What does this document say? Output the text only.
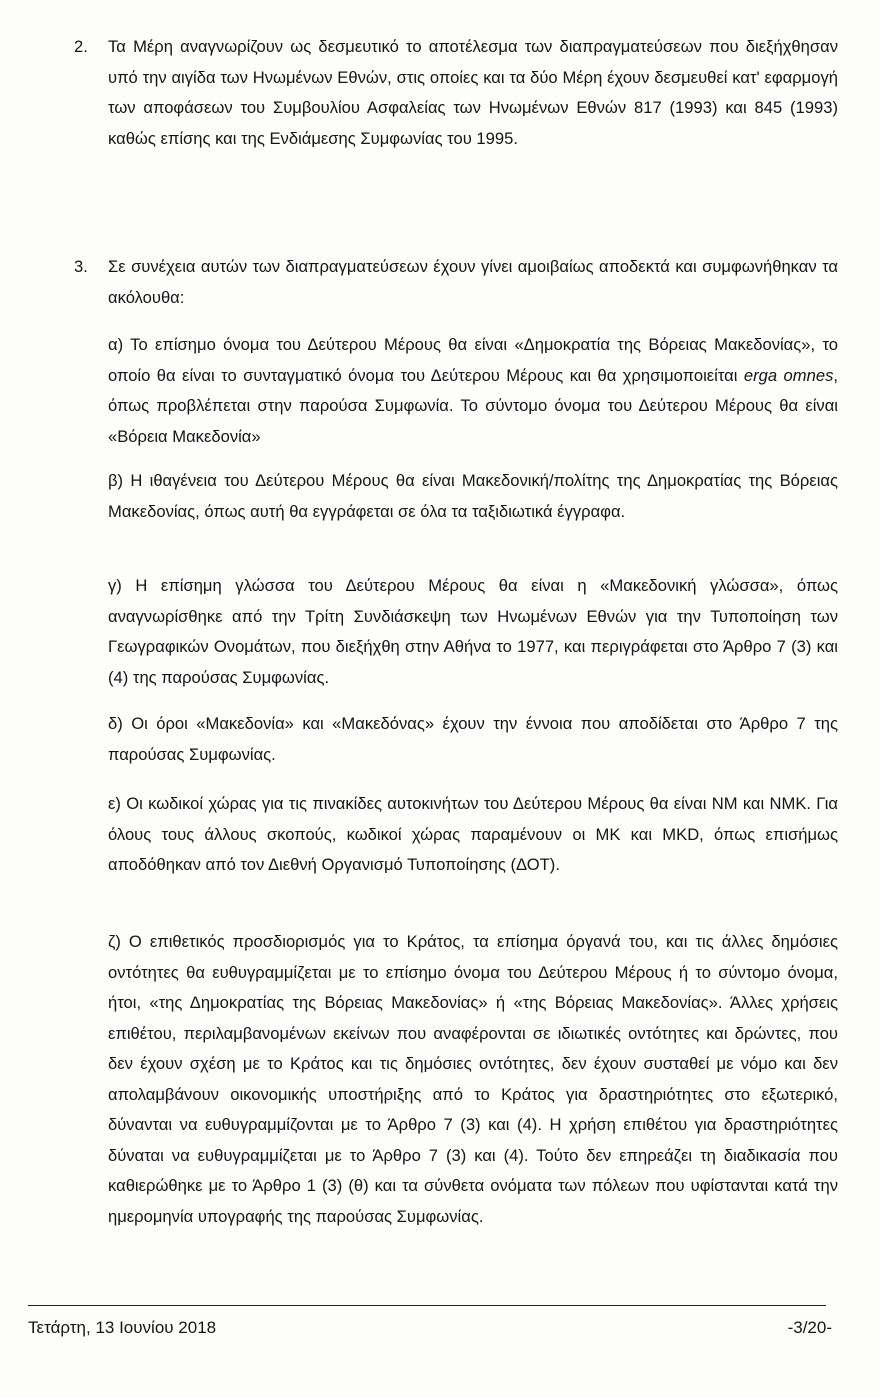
2. Τα Μέρη αναγνωρίζουν ως δεσμευτικό το αποτέλεσμα των διαπραγματεύσεων που διεξήχθησαν υπό την αιγίδα των Ηνωμένων Εθνών, στις οποίες και τα δύο Μέρη έχουν δεσμευθεί κατ' εφαρμογή των αποφάσεων του Συμβουλίου Ασφαλείας των Ηνωμένων Εθνών 817 (1993) και 845 (1993) καθώς επίσης και της Ενδιάμεσης Συμφωνίας του 1995.

3. Σε συνέχεια αυτών των διαπραγματεύσεων έχουν γίνει αμοιβαίως αποδεκτά και συμφωνήθηκαν τα ακόλουθα:

α) Το επίσημο όνομα του Δεύτερου Μέρους θα είναι «Δημοκρατία της Βόρειας Μακεδονίας», το οποίο θα είναι το συνταγματικό όνομα του Δεύτερου Μέρους και θα χρησιμοποιείται erga omnes, όπως προβλέπεται στην παρούσα Συμφωνία. Το σύντομο όνομα του Δεύτερου Μέρους θα είναι «Βόρεια Μακεδονία»

β) Η ιθαγένεια του Δεύτερου Μέρους θα είναι Μακεδονική/πολίτης της Δημοκρατίας της Βόρειας Μακεδονίας, όπως αυτή θα εγγράφεται σε όλα τα ταξιδιωτικά έγγραφα.

γ) Η επίσημη γλώσσα του Δεύτερου Μέρους θα είναι η «Μακεδονική γλώσσα», όπως αναγνωρίσθηκε από την Τρίτη Συνδιάσκεψη των Ηνωμένων Εθνών για την Τυποποίηση των Γεωγραφικών Ονομάτων, που διεξήχθη στην Αθήνα το 1977, και περιγράφεται στο Άρθρο 7 (3) και (4) της παρούσας Συμφωνίας.

δ) Οι όροι «Μακεδονία» και «Μακεδόνας» έχουν την έννοια που αποδίδεται στο Άρθρο 7 της παρούσας Συμφωνίας.

ε) Οι κωδικοί χώρας για τις πινακίδες αυτοκινήτων του Δεύτερου Μέρους θα είναι NM και NMK. Για όλους τους άλλους σκοπούς, κωδικοί χώρας παραμένουν οι MK και MKD, όπως επισήμως αποδόθηκαν από τον Διεθνή Οργανισμό Τυποποίησης (ΔΟΤ).

ζ) Ο επιθετικός προσδιορισμός για το Κράτος, τα επίσημα όργανά του, και τις άλλες δημόσιες οντότητες θα ευθυγραμμίζεται με το επίσημο όνομα του Δεύτερου Μέρους ή το σύντομο όνομα, ήτοι, «της Δημοκρατίας της Βόρειας Μακεδονίας» ή «της Βόρειας Μακεδονίας». Άλλες χρήσεις επιθέτου, περιλαμβανομένων εκείνων που αναφέρονται σε ιδιωτικές οντότητες και δρώντες, που δεν έχουν σχέση με το Κράτος και τις δημόσιες οντότητες, δεν έχουν συσταθεί με νόμο και δεν απολαμβάνουν οικονομικής υποστήριξης από το Κράτος για δραστηριότητες στο εξωτερικό, δύνανται να ευθυγραμμίζονται με το Άρθρο 7 (3) και (4). Η χρήση επιθέτου για δραστηριότητες δύναται να ευθυγραμμίζεται με το Άρθρο 7 (3) και (4). Τούτο δεν επηρεάζει τη διαδικασία που καθιερώθηκε με το Άρθρο 1 (3) (θ) και τα σύνθετα ονόματα των πόλεων που υφίστανται κατά την ημερομηνία υπογραφής της παρούσας Συμφωνίας.

Τετάρτη, 13 Ιουνίου 2018	-3/20-
